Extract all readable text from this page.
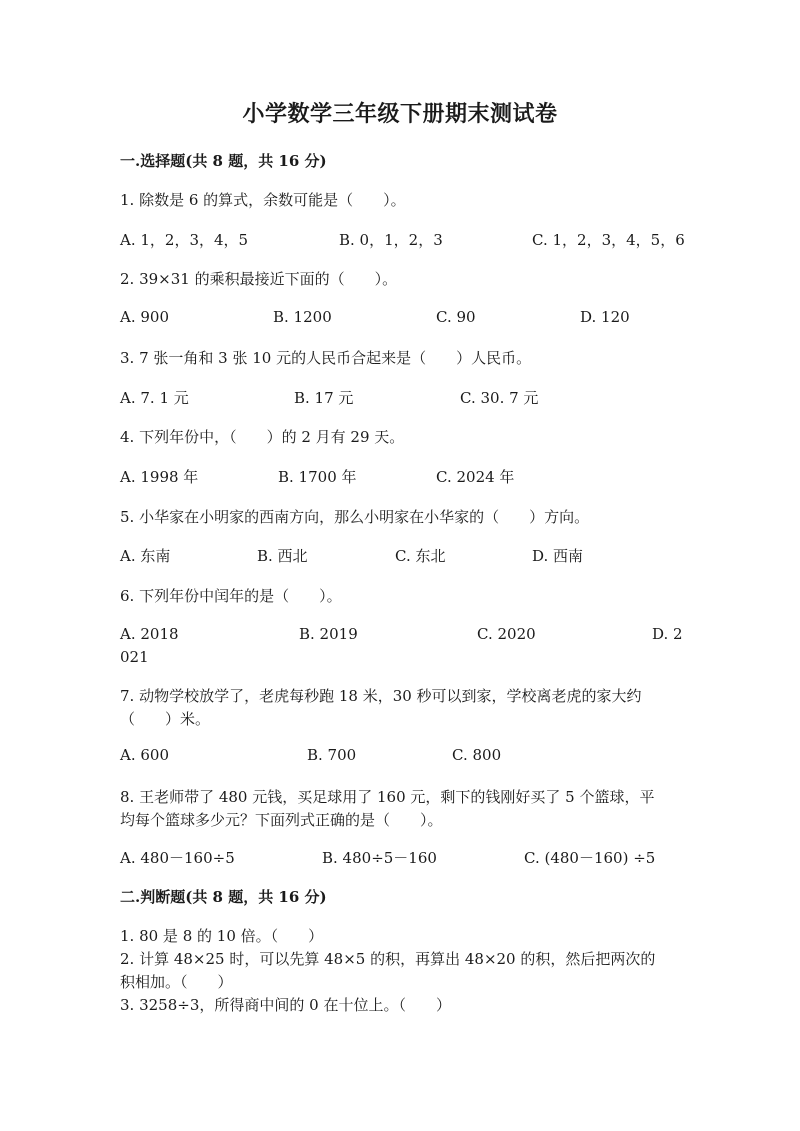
小学数学三年级下册期末测试卷
一.选择题(共 8 题，共 16 分)
1. 除数是 6 的算式，余数可能是（　　）。
A. 1，2，3，4，5	B. 0，1，2，3	C. 1，2，3，4，5，6
2. 39×31 的乘积最接近下面的（　　）。
A. 900	B. 1200	C. 90	D. 120
3. 7 张一角和 3 张 10 元的人民币合起来是（　　）人民币。
A. 7. 1 元	B. 17 元	C. 30. 7 元
4. 下列年份中，（　　）的 2 月有 29 天。
A. 1998 年	B. 1700 年	C. 2024 年
5. 小华家在小明家的西南方向，那么小明家在小华家的（　　）方向。
A. 东南	B. 西北	C. 东北	D. 西南
6. 下列年份中闰年的是（　　）。
A. 2018	B. 2019	C. 2020	D. 2
021
7. 动物学校放学了，老虎每秒跑 18 米，30 秒可以到家，学校离老虎的家大约
（　　）米。
A. 600	B. 700	C. 800
8. 王老师带了 480 元钱，买足球用了 160 元，剩下的钱刚好买了 5 个篮球，平
均每个篮球多少元？下面列式正确的是（　　）。
A. 480－160÷5	B. 480÷5－160	C. (480－160) ÷5
二.判断题(共 8 题，共 16 分)
1. 80 是 8 的 10 倍。（　　）
2. 计算 48×25 时，可以先算 48×5 的积，再算出 48×20 的积，然后把两次的
积相加。（　　）
3. 3258÷3，所得商中间的 0 在十位上。（　　）
